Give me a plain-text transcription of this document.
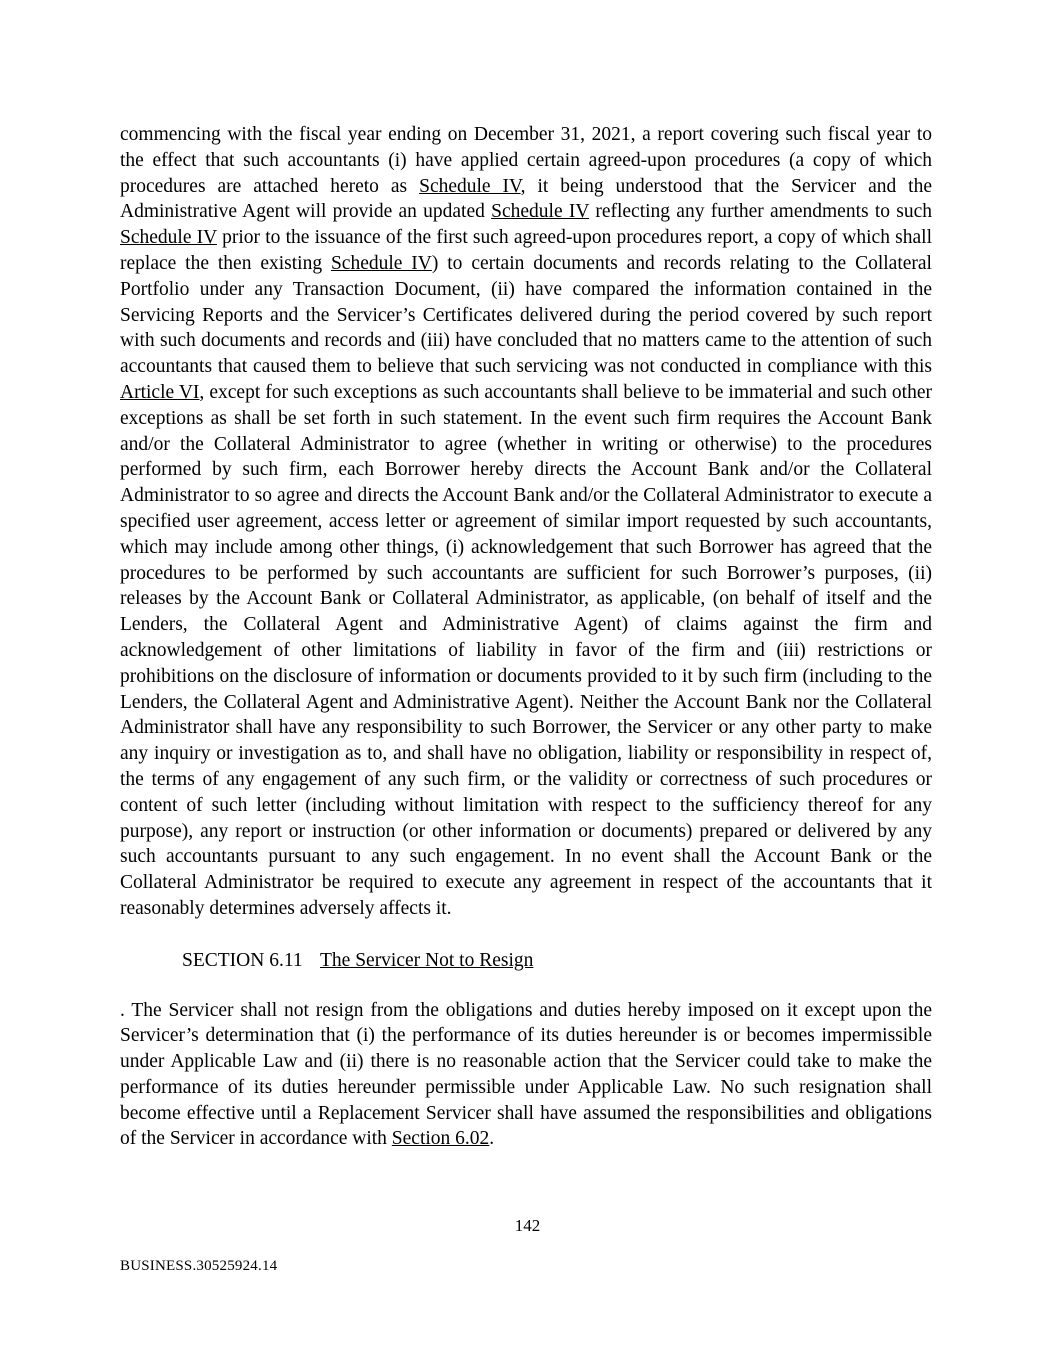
commencing with the fiscal year ending on December 31, 2021, a report covering such fiscal year to the effect that such accountants (i) have applied certain agreed-upon procedures (a copy of which procedures are attached hereto as Schedule IV, it being understood that the Servicer and the Administrative Agent will provide an updated Schedule IV reflecting any further amendments to such Schedule IV prior to the issuance of the first such agreed-upon procedures report, a copy of which shall replace the then existing Schedule IV) to certain documents and records relating to the Collateral Portfolio under any Transaction Document, (ii) have compared the information contained in the Servicing Reports and the Servicer’s Certificates delivered during the period covered by such report with such documents and records and (iii) have concluded that no matters came to the attention of such accountants that caused them to believe that such servicing was not conducted in compliance with this Article VI, except for such exceptions as such accountants shall believe to be immaterial and such other exceptions as shall be set forth in such statement. In the event such firm requires the Account Bank and/or the Collateral Administrator to agree (whether in writing or otherwise) to the procedures performed by such firm, each Borrower hereby directs the Account Bank and/or the Collateral Administrator to so agree and directs the Account Bank and/or the Collateral Administrator to execute a specified user agreement, access letter or agreement of similar import requested by such accountants, which may include among other things, (i) acknowledgement that such Borrower has agreed that the procedures to be performed by such accountants are sufficient for such Borrower’s purposes, (ii) releases by the Account Bank or Collateral Administrator, as applicable, (on behalf of itself and the Lenders, the Collateral Agent and Administrative Agent) of claims against the firm and acknowledgement of other limitations of liability in favor of the firm and (iii) restrictions or prohibitions on the disclosure of information or documents provided to it by such firm (including to the Lenders, the Collateral Agent and Administrative Agent). Neither the Account Bank nor the Collateral Administrator shall have any responsibility to such Borrower, the Servicer or any other party to make any inquiry or investigation as to, and shall have no obligation, liability or responsibility in respect of, the terms of any engagement of any such firm, or the validity or correctness of such procedures or content of such letter (including without limitation with respect to the sufficiency thereof for any purpose), any report or instruction (or other information or documents) prepared or delivered by any such accountants pursuant to any such engagement. In no event shall the Account Bank or the Collateral Administrator be required to execute any agreement in respect of the accountants that it reasonably determines adversely affects it.

SECTION 6.11 The Servicer Not to Resign

. The Servicer shall not resign from the obligations and duties hereby imposed on it except upon the Servicer’s determination that (i) the performance of its duties hereunder is or becomes impermissible under Applicable Law and (ii) there is no reasonable action that the Servicer could take to make the performance of its duties hereunder permissible under Applicable Law. No such resignation shall become effective until a Replacement Servicer shall have assumed the responsibilities and obligations of the Servicer in accordance with Section 6.02.

142
BUSINESS.30525924.14
